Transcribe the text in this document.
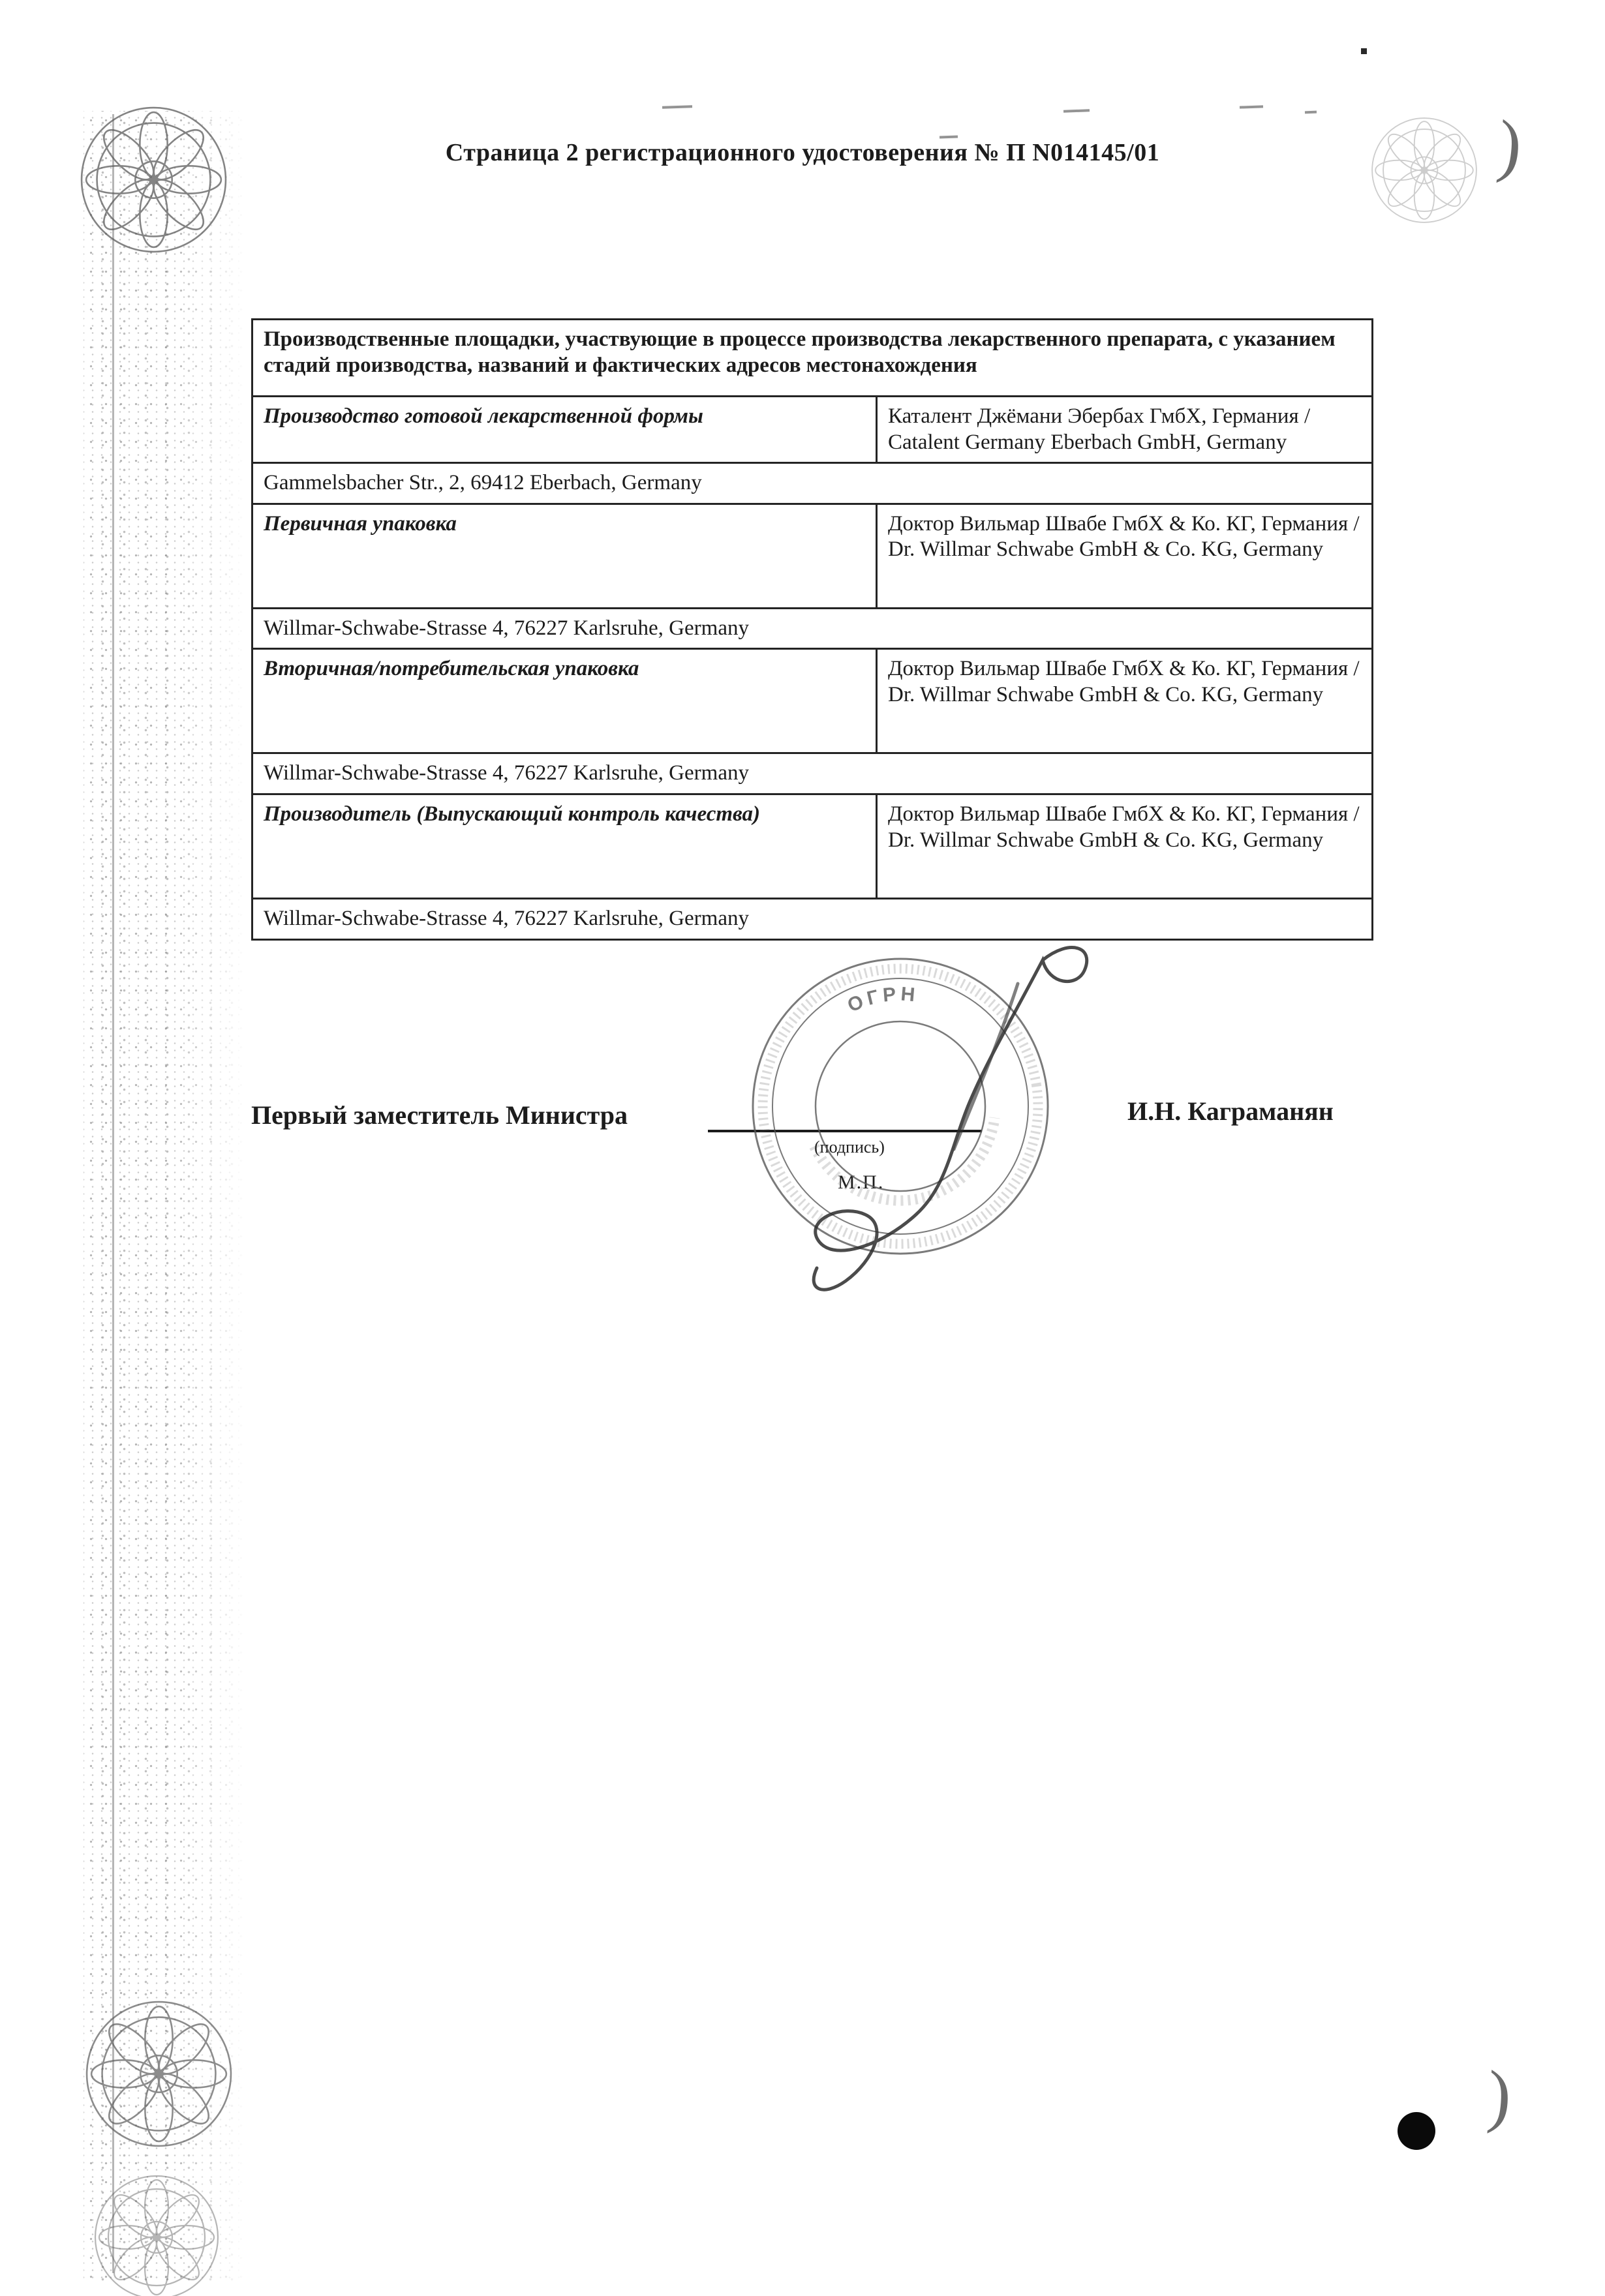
)
)
Страница 2 регистрационного удостоверения № П N014145/01
Производственные площадки, участвующие в процессе производства лекарственного препарата, с указанием стадий производства, названий и фактических адресов местонахождения	
Производство готовой лекарственной формы	Каталент Джёмани Эбербах ГмбХ, Германия / Catalent Germany Eberbach GmbH, Germany
Gammelsbacher Str., 2, 69412 Eberbach, Germany	
Первичная упаковка	Доктор Вильмар Швабе ГмбХ & Ко. КГ, Германия / Dr. Willmar Schwabe GmbH & Co. KG, Germany
Willmar-Schwabe-Strasse 4, 76227 Karlsruhe, Germany	
Вторичная/потребительская упаковка	Доктор Вильмар Швабе ГмбХ & Ко. КГ, Германия / Dr. Willmar Schwabe GmbH & Co. KG, Germany
Willmar-Schwabe-Strasse 4, 76227 Karlsruhe, Germany	
Производитель (Выпускающий контроль качества)	Доктор Вильмар Швабе ГмбХ & Ко. КГ, Германия / Dr. Willmar Schwabe GmbH & Co. KG, Germany
Willmar-Schwabe-Strasse 4, 76227 Karlsruhe, Germany	
Первый заместитель Министра
(подпись)
М.П.
И.Н. Каграманян
ОГРН
